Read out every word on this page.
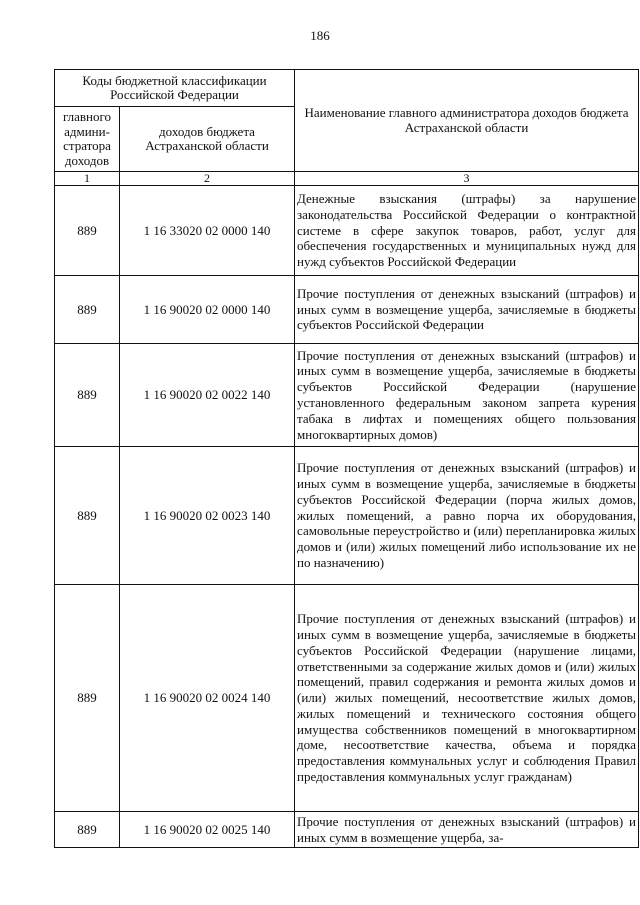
186
Коды бюджетной классификации Российской Федерации		Наименование главного администратора доходов бюджета Астраханской области
главного админи-стратора доходов	доходов бюджета Астраханской области	
1	2	3
889	1 16 33020 02 0000 140	Денежные взыскания (штрафы) за нарушение законодательства Российской Федерации о контрактной системе в сфере закупок товаров, работ, услуг для обеспечения государственных и муниципальных нужд для нужд субъектов Российской Федерации
889	1 16 90020 02 0000 140	Прочие поступления от денежных взысканий (штрафов) и иных сумм в возмещение ущерба, зачисляемые в бюджеты субъектов Российской Федерации
889	1 16 90020 02 0022 140	Прочие поступления от денежных взысканий (штрафов) и иных сумм в возмещение ущерба, зачисляемые в бюджеты субъектов Российской Федерации (нарушение установленного федеральным законом запрета курения табака в лифтах и помещениях общего пользования многоквартирных домов)
889	1 16 90020 02 0023 140	Прочие поступления от денежных взысканий (штрафов) и иных сумм в возмещение ущерба, зачисляемые в бюджеты субъектов Российской Федерации (порча жилых домов, жилых помещений, а равно порча их оборудования, самовольные переустройство и (или) перепланировка жилых домов и (или) жилых помещений либо использование их не по назначению)
889	1 16 90020 02 0024 140	Прочие поступления от денежных взысканий (штрафов) и иных сумм в возмещение ущерба, зачисляемые в бюджеты субъектов Российской Федерации (нарушение лицами, ответственными за содержание жилых домов и (или) жилых помещений, правил содержания и ремонта жилых домов и (или) жилых помещений, несоответствие жилых домов, жилых помещений и технического состояния общего имущества собственников помещений в многоквартирном доме, несоответствие качества, объема и порядка предоставления коммунальных услуг и соблюдения Правил предоставления коммунальных услуг гражданам)
889	1 16 90020 02 0025 140	Прочие поступления от денежных взысканий (штрафов) и иных сумм в возмещение ущерба, за-
